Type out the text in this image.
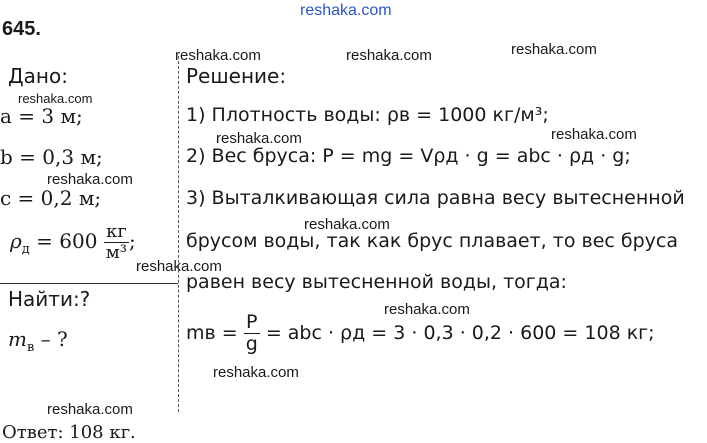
reshaka.com
reshaka.com	reshaka.com	reshaka.com
reshaka.com
reshaka.com	reshaka.com
reshaka.com
reshaka.com
reshaka.com
reshaka.com
reshaka.com
reshaka.com
645.
Дано:
a = 3 м;
b = 0,3 м;
c = 0,2 м;
$\rho_д = 600 \frac{кг}{\text{м³}}$ ;
Найти:?
$m_в$ – ?
Ответ: 108 кг.
Решение:
1) Плотность воды: ρв = 1000 кг/м³;
2) Вес бруса: P = mg = Vρд · g = abc · ρд · g;
3) Выталкивающая сила равна весу вытесненной
брусом воды, так как брус плавает, то вес бруса
равен весу вытесненной воды, тогда:
mв = $\frac{P}{g}$ = abc · ρд = 3 · 0,3 · 0,2 · 600 = 108 кг;
